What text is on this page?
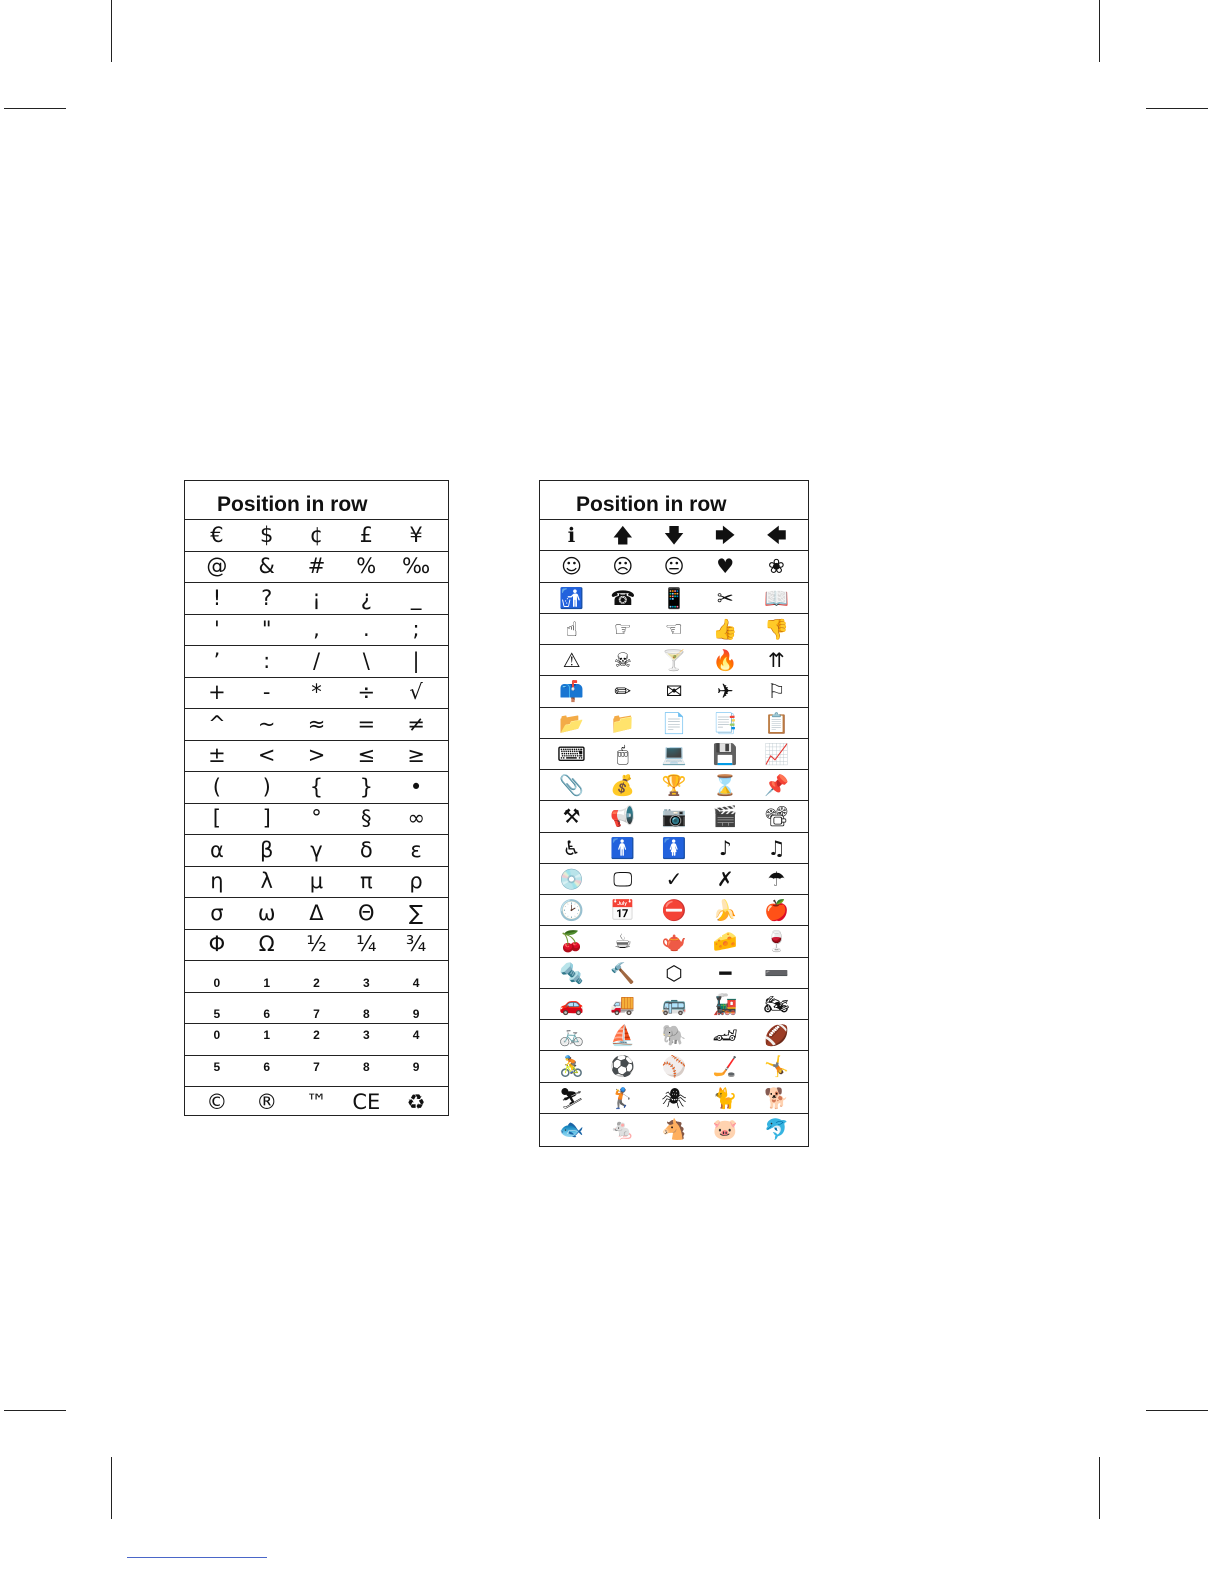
Position in row
€	$	¢	£	¥
@	&	#	%	‰
!	?	¡	¿	_
'	"	,	.	;
’	:	/	\	|
+	-	*	÷	√
^	~	≈	=	≠
±	<	>	≤	≥
(	)	{	}	•
[	]	°	§	∞
α	β	γ	δ	ε
η	λ	μ	π	ρ
σ	ω	Δ	Θ	∑
Φ	Ω	½	¼	¾
0	1	2	3	4
5	6	7	8	9
0	1	2	3	4
5	6	7	8	9
©	®	™	CE	♻
Position in row
ℹ	🡅	🡇	🡆	🡄
☺	☹	😐	♥	❀
🚮	☎	📱	✂	📖
☝	☞	☜	👍	👎
⚠	☠	🍸	🔥	⇈
📫	✏	✉	✈	⚐
📂	📁	📄	📑	📋
⌨	🖱	💻	💾	📈
📎	💰	🏆	⌛	📌
⚒	📢	📷	🎬	📽
♿	🚹	🚺	♪	♫
💿	🖵	✓	✗	☂
🕑	📅	⛔	🍌	🍎
🍒	☕	🫖	🧀	🍷
🔩	🔨	⬡	━	➖
🚗	🚚	🚌	🚂	🏍
🚲	⛵	🐘	🏎	🏈
🚴	⚽	⚾	🏒	🤸
⛷	🏌	🕷	🐈	🐕
🐟	🐁	🐴	🐷	🐬
